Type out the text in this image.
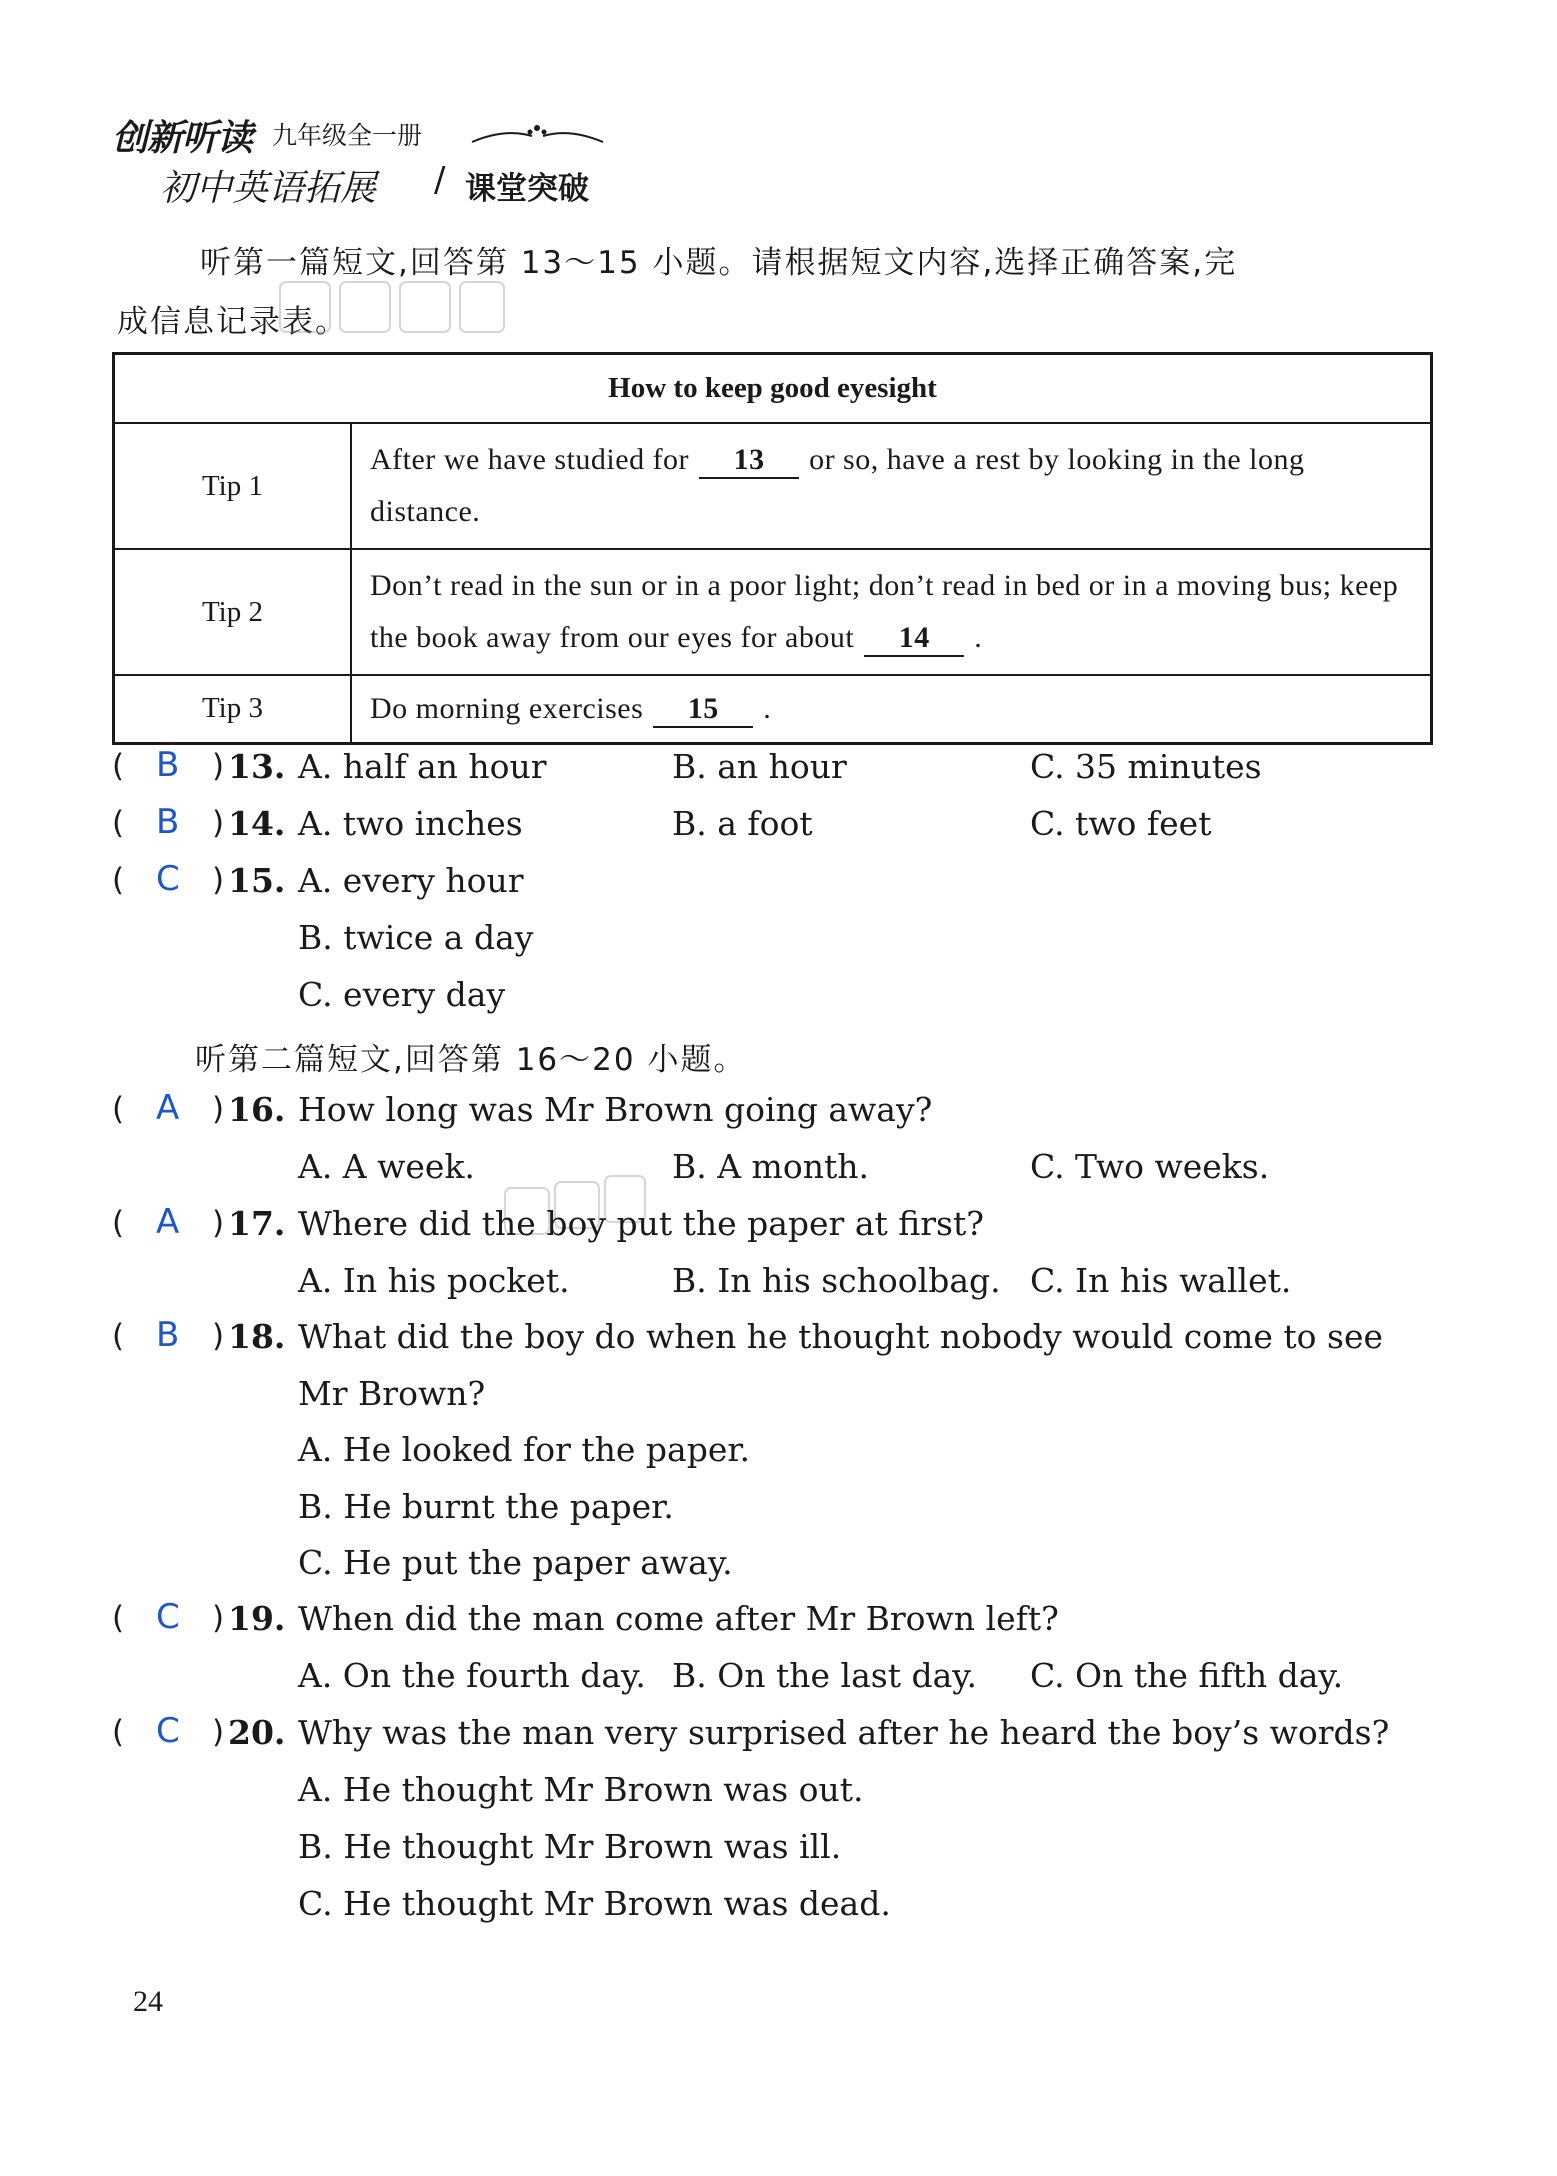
创新听读 九年级全一册
初中英语拓展 / 课堂突破
听第一篇短文,回答第 13～15 小题。请根据短文内容,选择正确答案,完
成信息记录表。
How to keep good eyesight	
Tip 1	After we have studied for 13 or so, have a rest by looking in the long distance.
Tip 2	Don’t read in the sun or in a poor light; don’t read in bed or in a moving bus; keep the book away from our eyes for about 14 .
Tip 3	Do morning exercises 15 .
( B ) 13. A. half an hour	B. an hour	C. 35 minutes
( B ) 14. A. two inches	B. a foot	C. two feet
( C ) 15. A. every hour
B. twice a day
C. every day
听第二篇短文,回答第 16～20 小题。
( A ) 16. How long was Mr Brown going away?
A. A week.	B. A month.	C. Two weeks.
( A ) 17. Where did the boy put the paper at first?
A. In his pocket.	B. In his schoolbag. C. In his wallet.
( B ) 18. What did the boy do when he thought nobody would come to see
Mr Brown?
A. He looked for the paper.
B. He burnt the paper.
C. He put the paper away.
( C ) 19. When did the man come after Mr Brown left?
A. On the fourth day. B. On the last day. C. On the fifth day.
( C ) 20. Why was the man very surprised after he heard the boy’s words?
A. He thought Mr Brown was out.
B. He thought Mr Brown was ill.
C. He thought Mr Brown was dead.
24
